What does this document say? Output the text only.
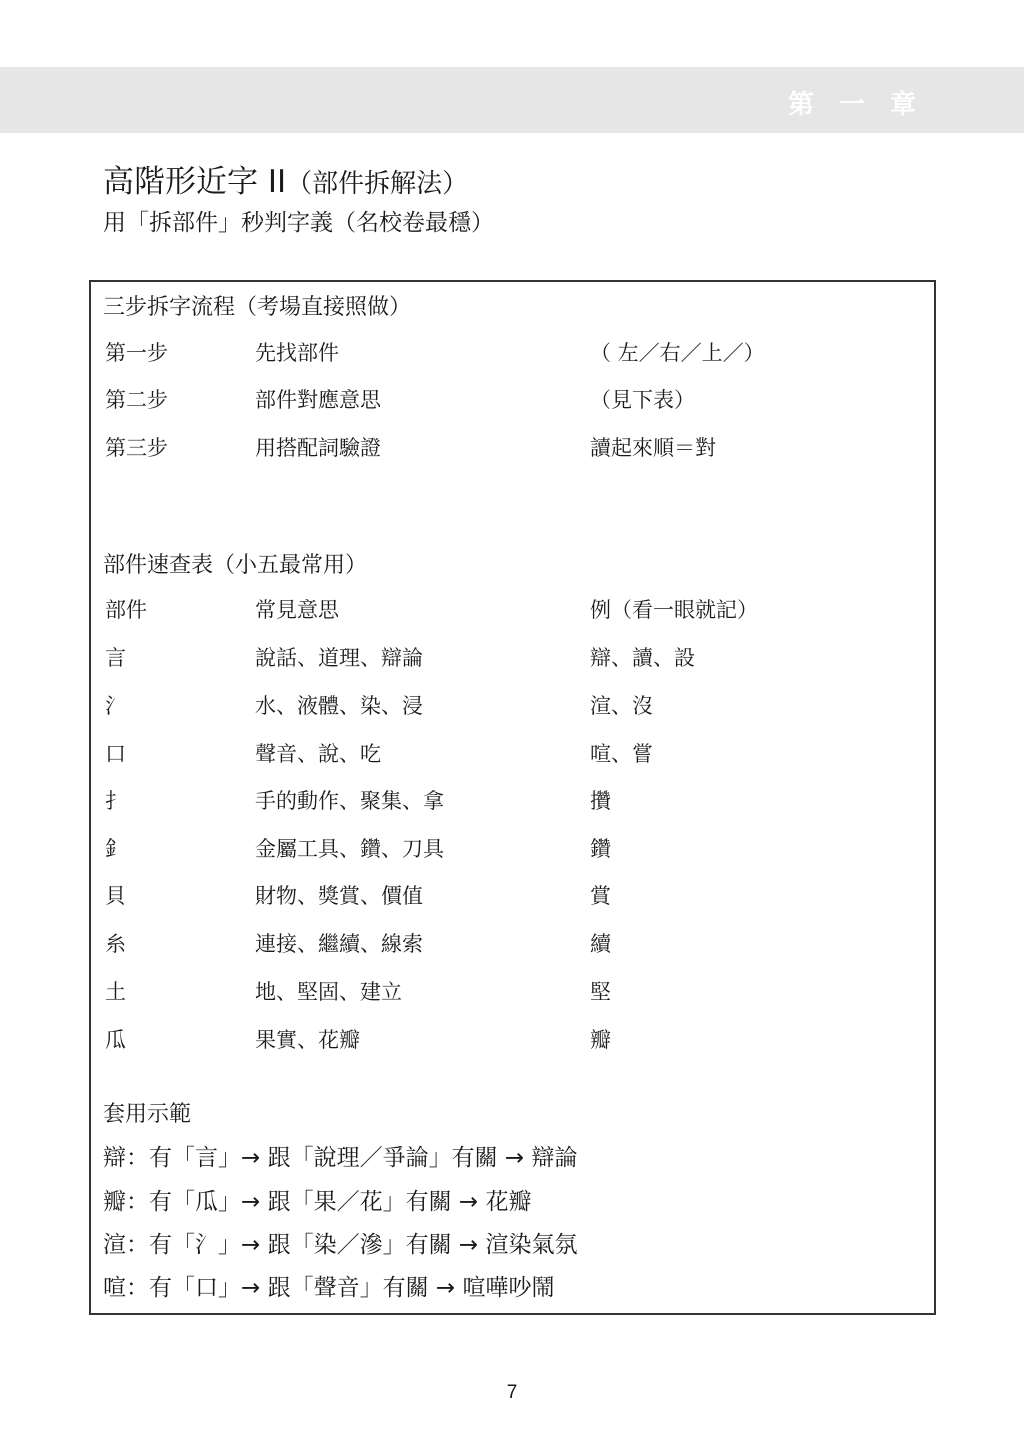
第 一 章
高階形近字 II（部件拆解法）
用「拆部件」秒判字義（名校卷最穩）
三步拆字流程（考場直接照做）
第一步	先找部件	（ 左／右／上／）
第二步	部件對應意思	（見下表）
第三步	用搭配詞驗證	讀起來順＝對
部件速查表（小五最常用）
部件	常見意思	例（看一眼就記）
言	說話、道理、辯論	辯、讀、設
氵	水、液體、染、浸	渲、沒
口	聲音、說、吃	喧、嘗
扌	手的動作、聚集、拿	攢
釒	金屬工具、鑽、刀具	鑽
貝	財物、獎賞、價值	賞
糸	連接、繼續、線索	續
土	地、堅固、建立	堅
瓜	果實、花瓣	瓣
套用示範
辯：有「言」→ 跟「說理／爭論」有關 → 辯論
瓣：有「瓜」→ 跟「果／花」有關 → 花瓣
渲：有「氵」→ 跟「染／滲」有關 → 渲染氣氛
喧：有「口」→ 跟「聲音」有關 → 喧嘩吵鬧
7
